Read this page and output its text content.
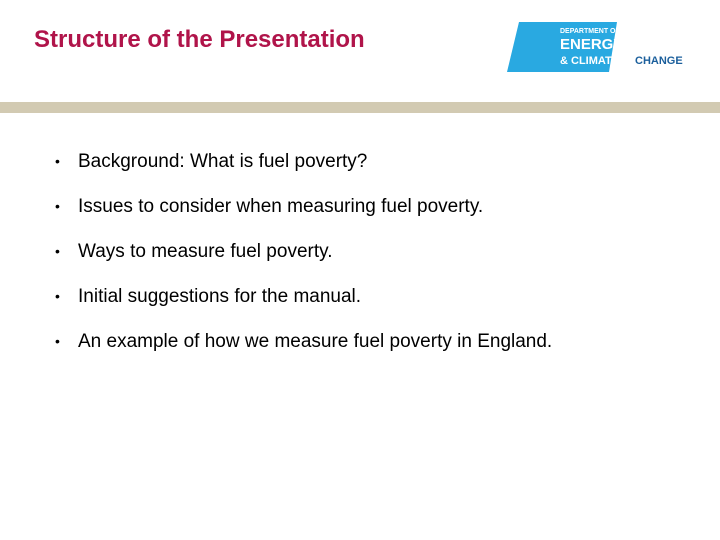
Structure of the Presentation	DEPARTMENT OF
ENERGY
& CLIMATE CHANGE
• Background: What is fuel poverty?
• Issues to consider when measuring fuel poverty.
• Ways to measure fuel poverty.
• Initial suggestions for the manual.
• An example of how we measure fuel poverty in England.
